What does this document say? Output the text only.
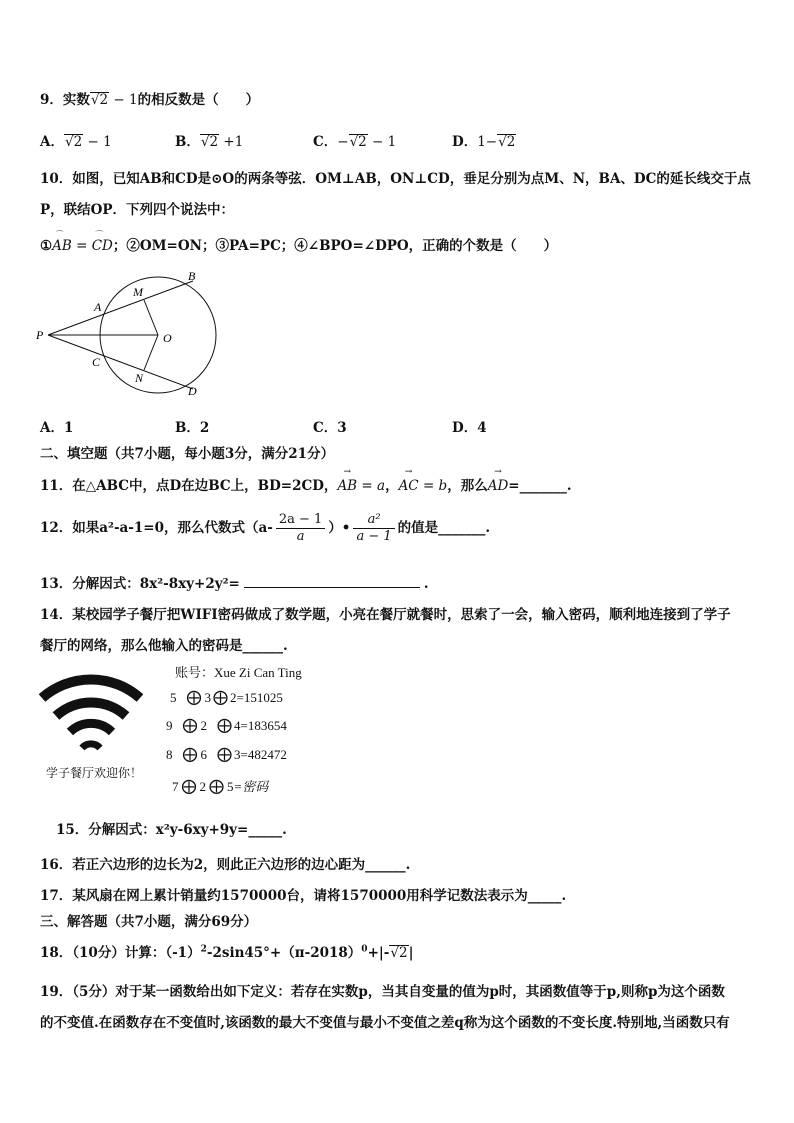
9．实数√2 − 1的相反数是（　　）
A．√2 − 1	B．√2 +1	C．−√2 − 1	D．1−√2
10．如图，已知AB和CD是⊙O的两条等弦．OM⊥AB，ON⊥CD，垂足分别为点M、N，BA、DC的延长线交于点
P，联结OP．下列四个说法中：
①
⌒
AB =
⌒
CD；②OM=ON；③PA=PC；④∠BPO=∠DPO，正确的个数是（　　）
P
A
M
B
O
C
N
D
A．1	B．2	C．3	D．4
二、填空题（共7小题，每小题3分，满分21分）
11．在△ABC中，点D在边BC上，BD=2CD，→ AB = a，→ AC = b，那么→ AD=_______.
12．如果a²-a-1=0，那么代数式（$a- \frac{2a - 1}{a}$ ）• $\frac{\text{a²}}{a - 1}$ 的值是_______.
13．分解因式：8x²-8xy+2y²=	.
14．某校园学子餐厅把WIFI密码做成了数学题，小亮在餐厅就餐时，思索了一会，输入密码，顺利地连接到了学子
餐厅的网络，那么他输入的密码是______.
学子餐厅欢迎你！
账号：Xue Zi Can Ting
5 ⨁ 3 ⨁ 2=151025
9 ⨁ 2 ⨁ 4=183654
8 ⨁ 6 ⨁ 3=482472
7 ⨁ 2 ⨁ 5=密码
15．分解因式：x²y-6xy+9y=_____.
16．若正六边形的边长为2，则此正六边形的边心距为______.
17．某风扇在网上累计销量约1570000台，请将1570000用科学记数法表示为_____.
三、解答题（共7小题，满分69分）
18．（10分）计算：$(-1)^2-2\sin 45^\circ+(\pi-2018)^0+|-√2|$
19．（5分）对于某一函数给出如下定义：若存在实数p，当其自变量的值为p时，其函数值等于p,则称p为这个函数
的不变值.在函数存在不变值时,该函数的最大不变值与最小不变值之差q称为这个函数的不变长度.特别地,当函数只有
